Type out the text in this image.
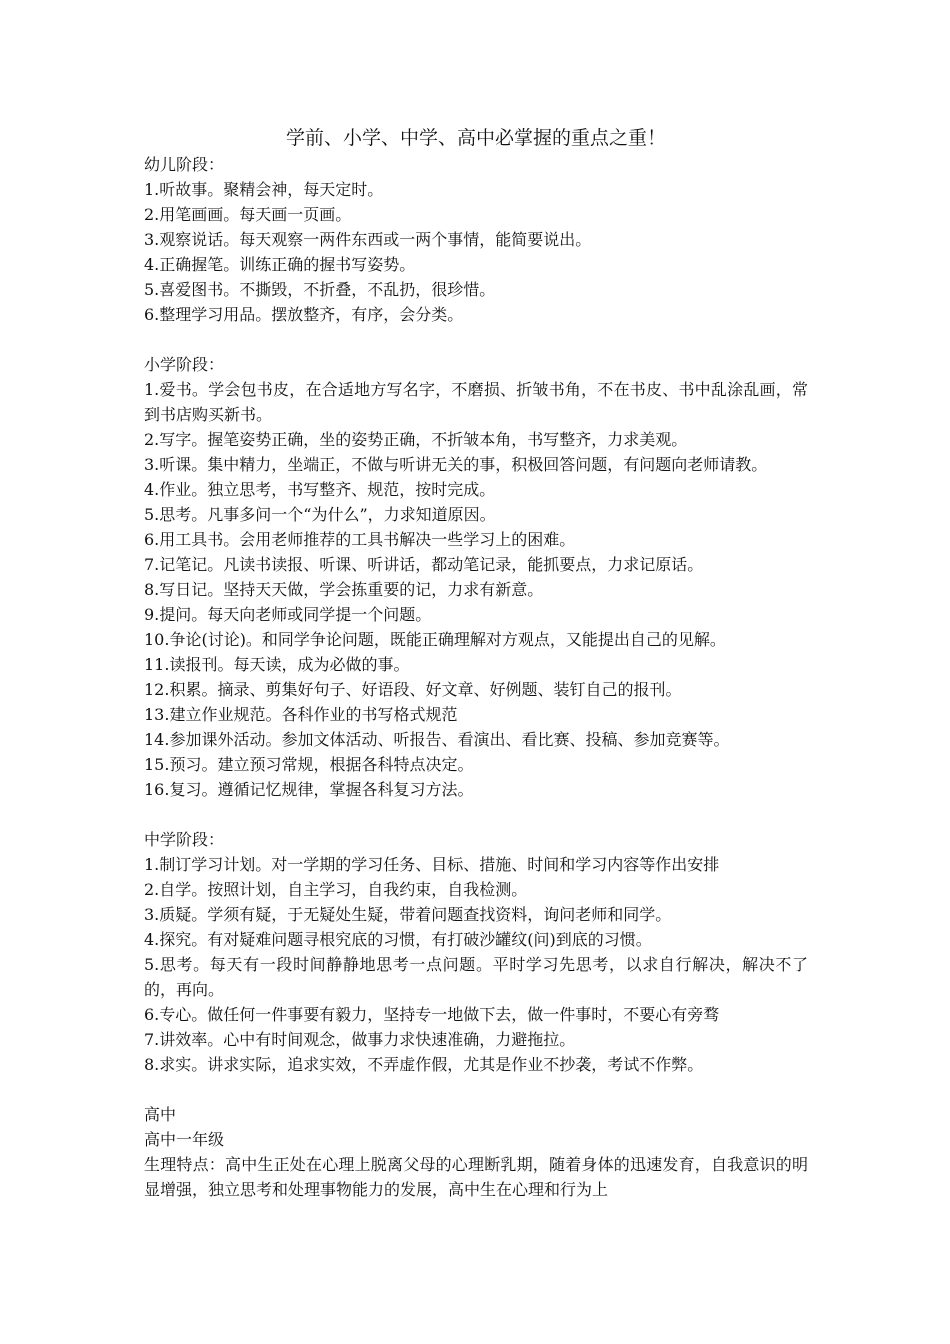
学前、小学、中学、高中必掌握的重点之重！
幼儿阶段：
1.听故事。聚精会神，每天定时。
2.用笔画画。每天画一页画。
3.观察说话。每天观察一两件东西或一两个事情，能简要说出。
4.正确握笔。训练正确的握书写姿势。
5.喜爱图书。不撕毁，不折叠，不乱扔，很珍惜。
6.整理学习用品。摆放整齐，有序，会分类。
小学阶段：
1.爱书。学会包书皮，在合适地方写名字，不磨损、折皱书角，不在书皮、书中乱涂乱画，常到书店购买新书。
2.写字。握笔姿势正确，坐的姿势正确，不折皱本角，书写整齐，力求美观。
3.听课。集中精力，坐端正，不做与听讲无关的事，积极回答问题，有问题向老师请教。
4.作业。独立思考，书写整齐、规范，按时完成。
5.思考。凡事多问一个“为什么”，力求知道原因。
6.用工具书。会用老师推荐的工具书解决一些学习上的困难。
7.记笔记。凡读书读报、听课、听讲话，都动笔记录，能抓要点，力求记原话。
8.写日记。坚持天天做，学会拣重要的记，力求有新意。
9.提问。每天向老师或同学提一个问题。
10.争论(讨论)。和同学争论问题，既能正确理解对方观点，又能提出自己的见解。
11.读报刊。每天读，成为必做的事。
12.积累。摘录、剪集好句子、好语段、好文章、好例题、装钉自己的报刊。
13.建立作业规范。各科作业的书写格式规范
14.参加课外活动。参加文体活动、听报告、看演出、看比赛、投稿、参加竞赛等。
15.预习。建立预习常规，根据各科特点决定。
16.复习。遵循记忆规律，掌握各科复习方法。
中学阶段：
1.制订学习计划。对一学期的学习任务、目标、措施、时间和学习内容等作出安排
2.自学。按照计划，自主学习，自我约束，自我检测。
3.质疑。学须有疑，于无疑处生疑，带着问题查找资料，询问老师和同学。
4.探究。有对疑难问题寻根究底的习惯，有打破沙罐纹(问)到底的习惯。
5.思考。每天有一段时间静静地思考一点问题。平时学习先思考，以求自行解决，解决不了的，再向。
6.专心。做任何一件事要有毅力，坚持专一地做下去，做一件事时，不要心有旁骛
7.讲效率。心中有时间观念，做事力求快速准确，力避拖拉。
8.求实。讲求实际，追求实效，不弄虚作假，尤其是作业不抄袭，考试不作弊。
高中
高中一年级
生理特点：高中生正处在心理上脱离父母的心理断乳期，随着身体的迅速发育，自我意识的明显增强，独立思考和处理事物能力的发展，高中生在心理和行为上
